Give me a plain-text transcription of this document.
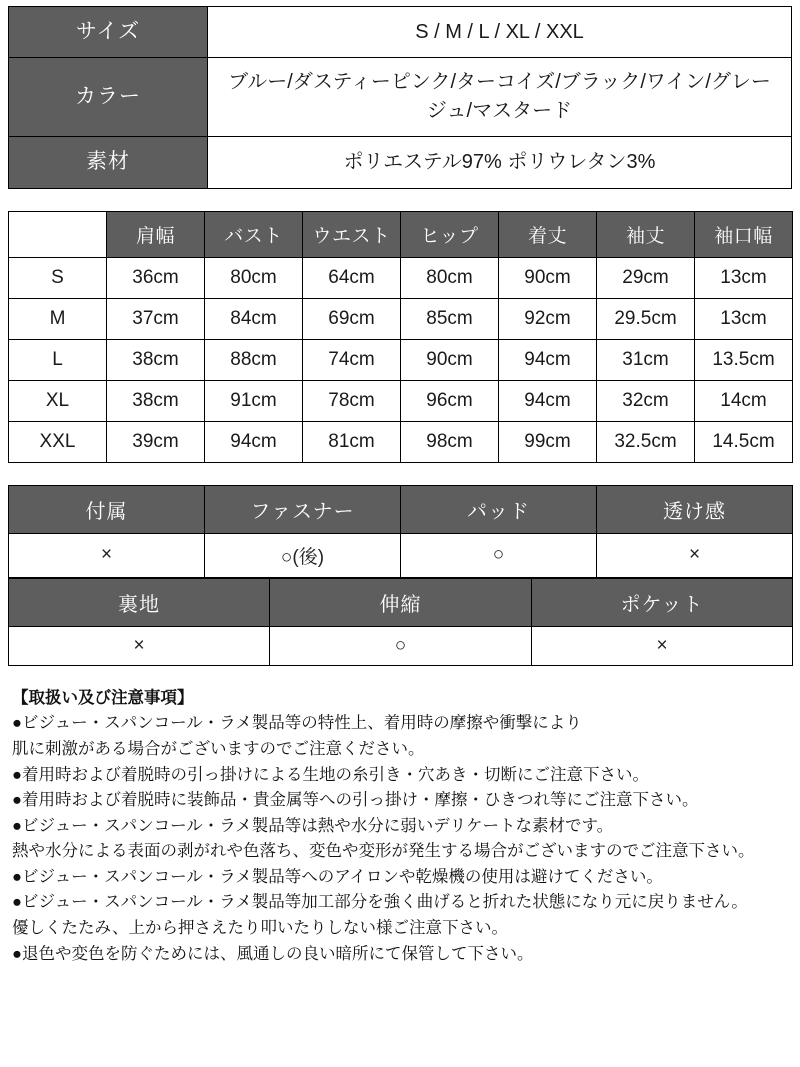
サイズ	S / M / L / XL / XXL
カラー	ブルー/ダスティーピンク/ターコイズ/ブラック/ワイン/グレージュ/マスタード
素材	ポリエステル97% ポリウレタン3%
	肩幅	バスト	ウエスト	ヒップ	着丈	袖丈	袖口幅
S	36cm	80cm	64cm	80cm	90cm	29cm	13cm
M	37cm	84cm	69cm	85cm	92cm	29.5cm	13cm
L	38cm	88cm	74cm	90cm	94cm	31cm	13.5cm
XL	38cm	91cm	78cm	96cm	94cm	32cm	14cm
XXL	39cm	94cm	81cm	98cm	99cm	32.5cm	14.5cm
付属	ファスナー	パッド	透け感
×	○(後)	○	×
裏地	伸縮	ポケット
×	○	×

【取扱い及び注意事項】

●ビジュー・スパンコール・ラメ製品等の特性上、着用時の摩擦や衝撃により

肌に刺激がある場合がございますのでご注意ください。

●着用時および着脱時の引っ掛けによる生地の糸引き・穴あき・切断にご注意下さい。

●着用時および着脱時に装飾品・貴金属等への引っ掛け・摩擦・ひきつれ等にご注意下さい。

●ビジュー・スパンコール・ラメ製品等は熱や水分に弱いデリケートな素材です。

熱や水分による表面の剥がれや色落ち、変色や変形が発生する場合がございますのでご注意下さい。

●ビジュー・スパンコール・ラメ製品等へのアイロンや乾燥機の使用は避けてください。

●ビジュー・スパンコール・ラメ製品等加工部分を強く曲げると折れた状態になり元に戻りません。

優しくたたみ、上から押さえたり叩いたりしない様ご注意下さい。

●退色や変色を防ぐためには、風通しの良い暗所にて保管して下さい。
